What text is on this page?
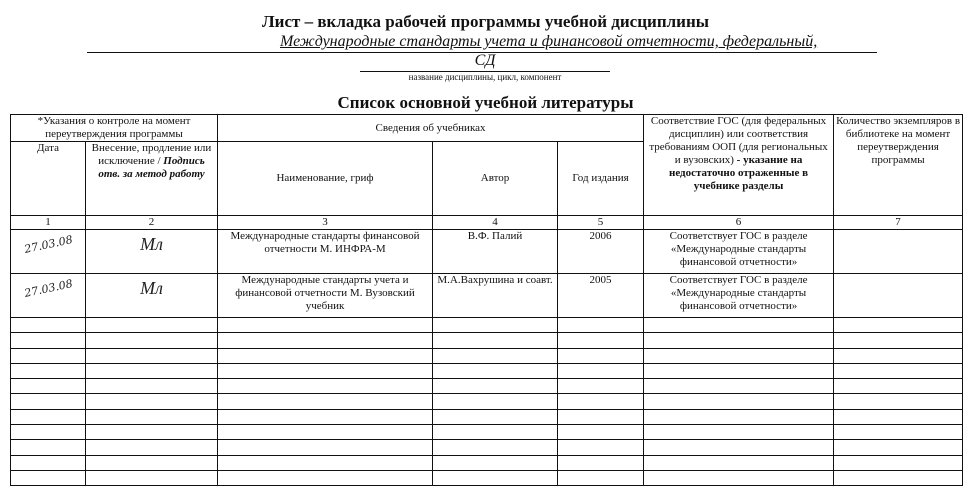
Лист – вкладка рабочей программы учебной дисциплины
Международные стандарты учета и финансовой отчетности, федеральный,
СД
название дисциплины, цикл, компонент
Список основной учебной литературы
*Указания о контроле на момент переутверждения программы		Сведения об учебниках			Соответствие ГОС (для федеральных дисциплин) или соответствия требованиям ООП (для региональных и вузовских) - указание на недостаточно отраженные в учебнике разделы	Количество экземпляров в библиотеке на момент переутверждения программы
Дата	Внесение, продление или исключение / Подпись отв. за метод работу	Наименование, гриф	Автор	Год издания		
1	2	3	4	5	6	7
27.03.08	Мл	Международные стандарты финансовой отчетности М. ИНФРА-М	В.Ф. Палий	2006	Соответствует ГОС в разделе «Международные стандарты финансовой отчетности»	
27.03.08	Мл	Международные стандарты учета и финансовой отчетности М. Вузовский учебник	М.А.Вахрушина и соавт.	2005	Соответствует ГОС в разделе «Международные стандарты финансовой отчетности»	
